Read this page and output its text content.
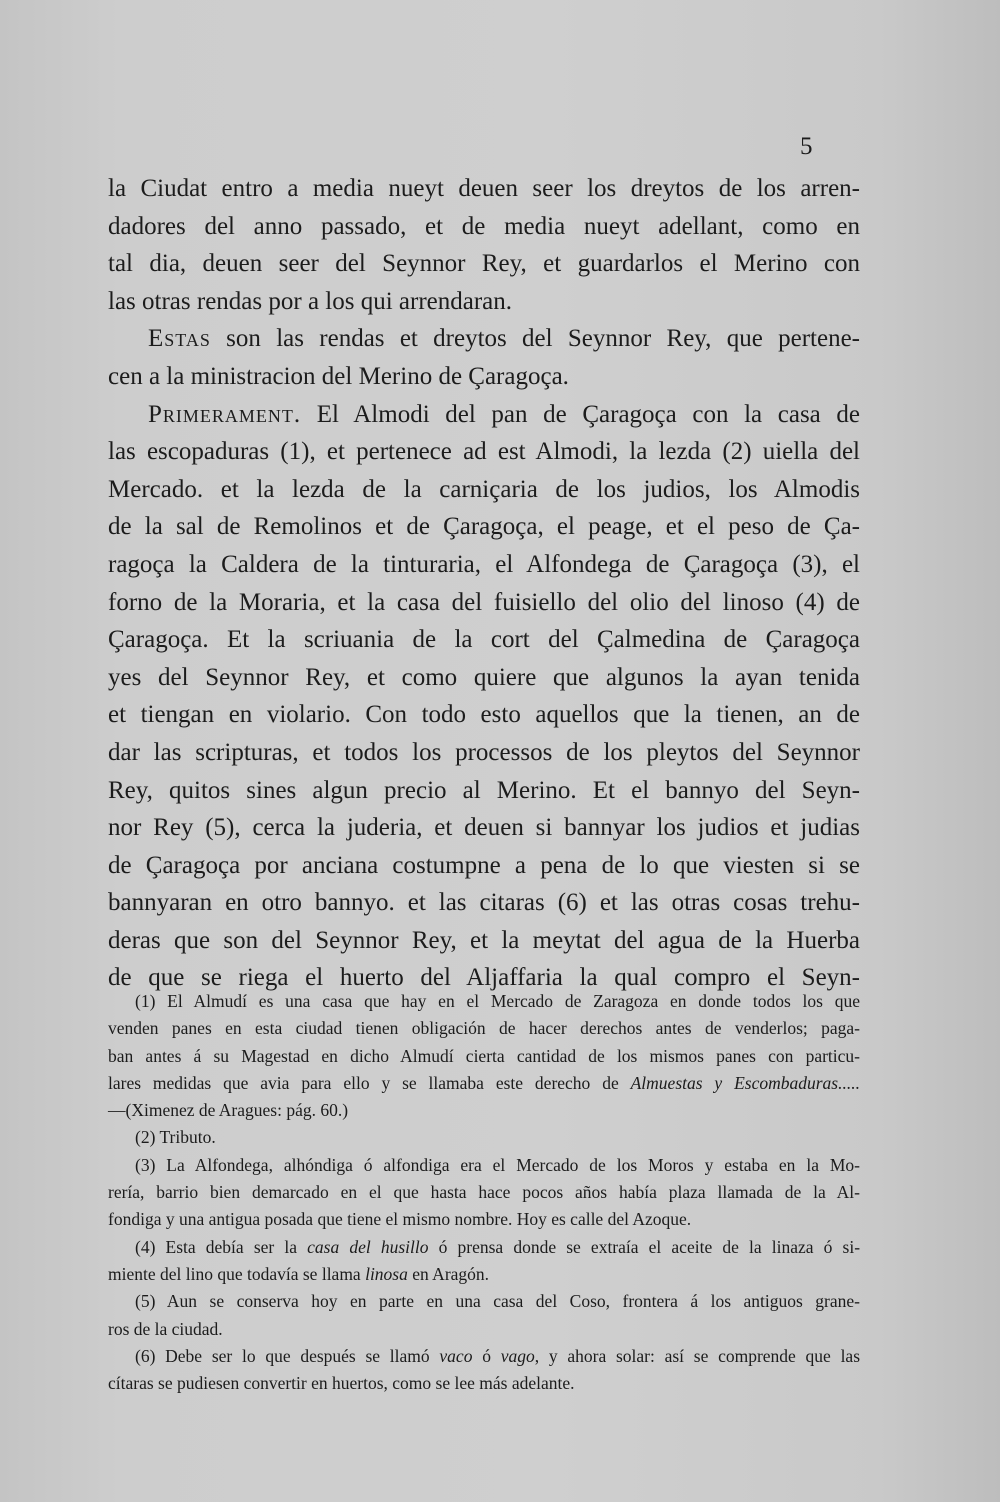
5
la Ciudat entro a media nueyt deuen seer los dreytos de los arren-
dadores del anno passado, et de media nueyt adellant, como en
tal dia, deuen seer del Seynnor Rey, et guardarlos el Merino con
las otras rendas por a los qui arrendaran.
Estas son las rendas et dreytos del Seynnor Rey, que pertene-
cen a la ministracion del Merino de Çaragoça.
Primerament. El Almodi del pan de Çaragoça con la casa de
las escopaduras (1), et pertenece ad est Almodi, la lezda (2) uiella del
Mercado. et la lezda de la carniçaria de los judios, los Almodis
de la sal de Remolinos et de Çaragoça, el peage, et el peso de Ça-
ragoça la Caldera de la tinturaria, el Alfondega de Çaragoça (3), el
forno de la Moraria, et la casa del fuisiello del olio del linoso (4) de
Çaragoça. Et la scriuania de la cort del Çalmedina de Çaragoça
yes del Seynnor Rey, et como quiere que algunos la ayan tenida
et tiengan en violario. Con todo esto aquellos que la tienen, an de
dar las scripturas, et todos los processos de los pleytos del Seynnor
Rey, quitos sines algun precio al Merino. Et el bannyo del Seyn-
nor Rey (5), cerca la juderia, et deuen si bannyar los judios et judias
de Çaragoça por anciana costumpne a pena de lo que viesten si se
bannyaran en otro bannyo. et las citaras (6) et las otras cosas trehu-
deras que son del Seynnor Rey, et la meytat del agua de la Huerba
de que se riega el huerto del Aljaffaria la qual compro el Seyn-
(1) El Almudí es una casa que hay en el Mercado de Zaragoza en donde todos los que
venden panes en esta ciudad tienen obligación de hacer derechos antes de venderlos; paga-
ban antes á su Magestad en dicho Almudí cierta cantidad de los mismos panes con particu-
lares medidas que avia para ello y se llamaba este derecho de Almuestas y Escombaduras.....
—(Ximenez de Aragues: pág. 60.)
(2) Tributo.
(3) La Alfondega, alhóndiga ó alfondiga era el Mercado de los Moros y estaba en la Mo-
rería, barrio bien demarcado en el que hasta hace pocos años había plaza llamada de la Al-
fondiga y una antigua posada que tiene el mismo nombre. Hoy es calle del Azoque.
(4) Esta debía ser la casa del husillo ó prensa donde se extraía el aceite de la linaza ó si-
miente del lino que todavía se llama linosa en Aragón.
(5) Aun se conserva hoy en parte en una casa del Coso, frontera á los antiguos grane-
ros de la ciudad.
(6) Debe ser lo que después se llamó vaco ó vago, y ahora solar: así se comprende que las
cítaras se pudiesen convertir en huertos, como se lee más adelante.
